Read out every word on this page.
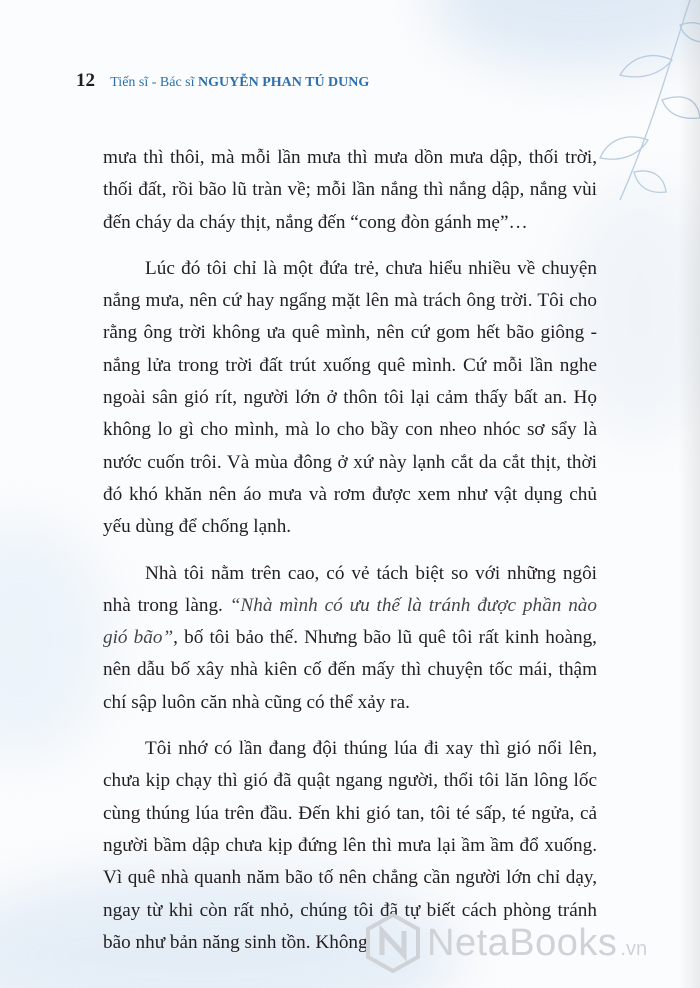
12 Tiến sĩ - Bác sĩ NGUYỄN PHAN TÚ DUNG

mưa thì thôi, mà mỗi lần mưa thì mưa dồn mưa dập, thối trời, thối đất, rồi bão lũ tràn về; mỗi lần nắng thì nắng dập, nắng vùi đến cháy da cháy thịt, nắng đến “cong đòn gánh mẹ”…

Lúc đó tôi chỉ là một đứa trẻ, chưa hiểu nhiều về chuyện nắng mưa, nên cứ hay ngẩng mặt lên mà trách ông trời. Tôi cho rằng ông trời không ưa quê mình, nên cứ gom hết bão giông - nắng lửa trong trời đất trút xuống quê mình. Cứ mỗi lần nghe ngoài sân gió rít, người lớn ở thôn tôi lại cảm thấy bất an. Họ không lo gì cho mình, mà lo cho bầy con nheo nhóc sơ sẩy là nước cuốn trôi. Và mùa đông ở xứ này lạnh cắt da cắt thịt, thời đó khó khăn nên áo mưa và rơm được xem như vật dụng chủ yếu dùng để chống lạnh.

Nhà tôi nằm trên cao, có vẻ tách biệt so với những ngôi nhà trong làng. “Nhà mình có ưu thế là tránh được phần nào gió bão”, bố tôi bảo thế. Nhưng bão lũ quê tôi rất kinh hoàng, nên dẫu bố xây nhà kiên cố đến mấy thì chuyện tốc mái, thậm chí sập luôn căn nhà cũng có thể xảy ra.

Tôi nhớ có lần đang đội thúng lúa đi xay thì gió nổi lên, chưa kịp chạy thì gió đã quật ngang người, thổi tôi lăn lông lốc cùng thúng lúa trên đầu. Đến khi gió tan, tôi té sấp, té ngửa, cả người bầm dập chưa kịp đứng lên thì mưa lại ầm ầm đổ xuống. Vì quê nhà quanh năm bão tố nên chẳng cần người lớn chỉ dạy, ngay từ khi còn rất nhỏ, chúng tôi đã tự biết cách phòng tránh bão như bản năng sinh tồn. Không	NetaBooks .vn
